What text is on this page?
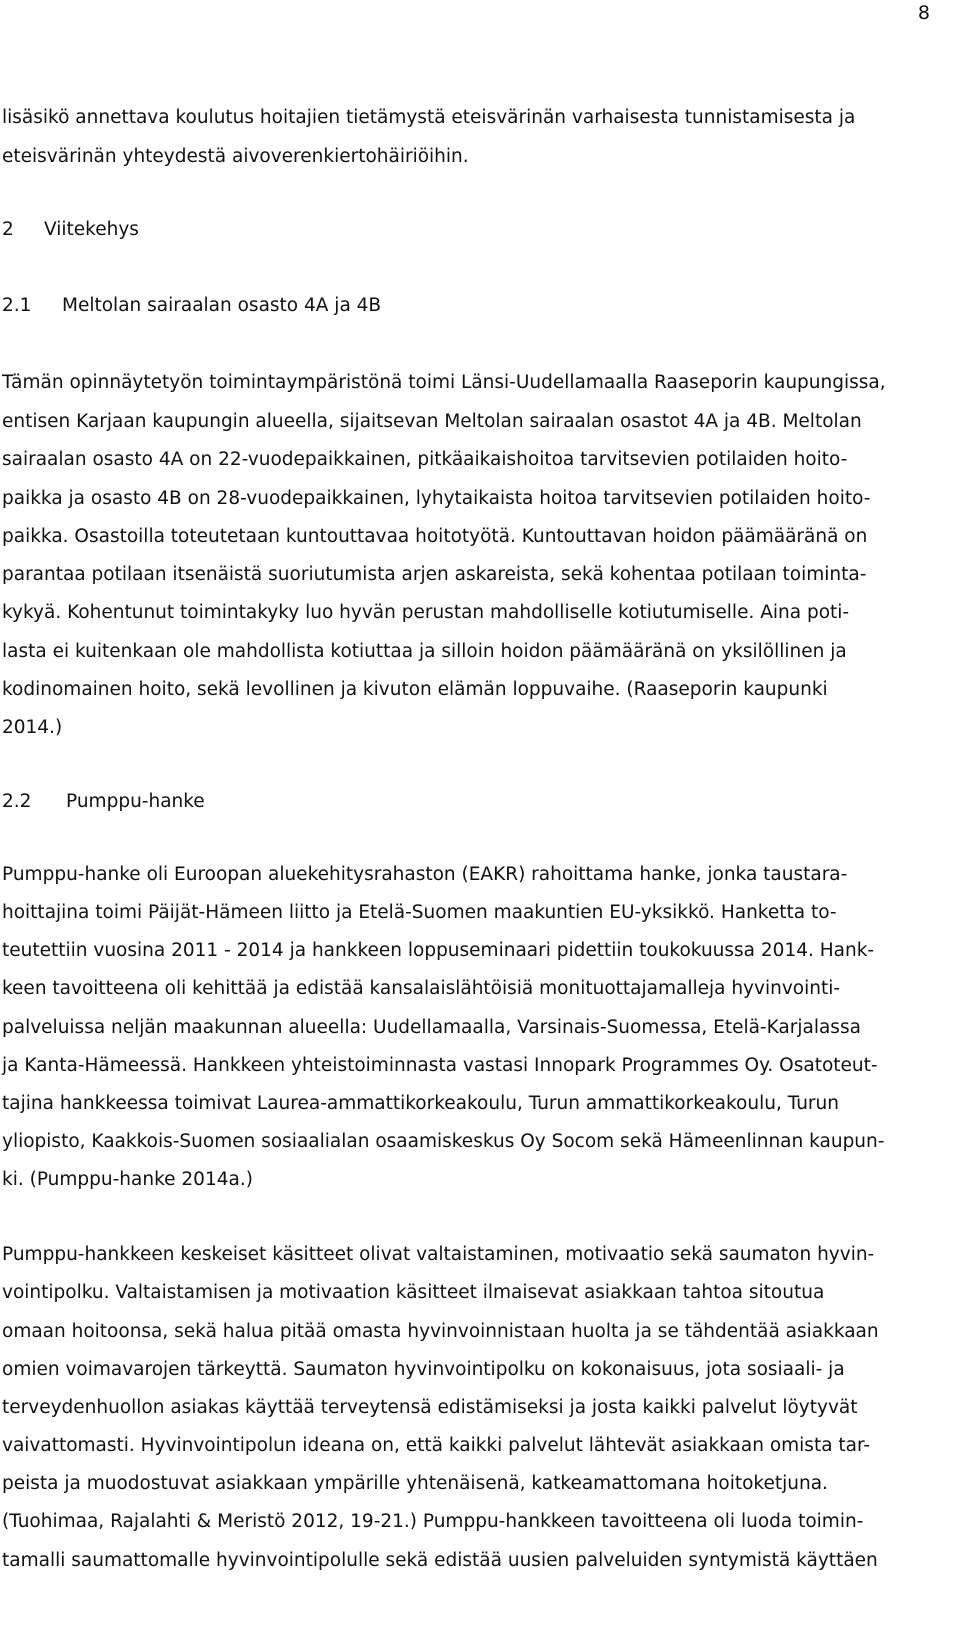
8
lisäsikö annettava koulutus hoitajien tietämystä eteisvärinän varhaisesta tunnistamisesta ja
eteisvärinän yhteydestä aivoverenkiertohäiriöihin.
2 Viitekehys
2.1 Meltolan sairaalan osasto 4A ja 4B
Tämän opinnäytetyön toimintaympäristönä toimi Länsi-Uudellamaalla Raaseporin kaupungissa,
entisen Karjaan kaupungin alueella, sijaitsevan Meltolan sairaalan osastot 4A ja 4B. Meltolan
sairaalan osasto 4A on 22-vuodepaikkainen, pitkäaikaishoitoa tarvitsevien potilaiden hoito-
paikka ja osasto 4B on 28-vuodepaikkainen, lyhytaikaista hoitoa tarvitsevien potilaiden hoito-
paikka. Osastoilla toteutetaan kuntouttavaa hoitotyötä. Kuntouttavan hoidon päämääränä on
parantaa potilaan itsenäistä suoriutumista arjen askareista, sekä kohentaa potilaan toiminta-
kykyä. Kohentunut toimintakyky luo hyvän perustan mahdolliselle kotiutumiselle. Aina poti-
lasta ei kuitenkaan ole mahdollista kotiuttaa ja silloin hoidon päämääränä on yksilöllinen ja
kodinomainen hoito, sekä levollinen ja kivuton elämän loppuvaihe. (Raaseporin kaupunki
2014.)
2.2 Pumppu-hanke
Pumppu-hanke oli Euroopan aluekehitysrahaston (EAKR) rahoittama hanke, jonka taustara-
hoittajina toimi Päijät-Hämeen liitto ja Etelä-Suomen maakuntien EU-yksikkö. Hanketta to-
teutettiin vuosina 2011 - 2014 ja hankkeen loppuseminaari pidettiin toukokuussa 2014. Hank-
keen tavoitteena oli kehittää ja edistää kansalaislähtöisiä monituottajamalleja hyvinvointi-
palveluissa neljän maakunnan alueella: Uudellamaalla, Varsinais-Suomessa, Etelä-Karjalassa
ja Kanta-Hämeessä. Hankkeen yhteistoiminnasta vastasi Innopark Programmes Oy. Osatoteut-
tajina hankkeessa toimivat Laurea-ammattikorkeakoulu, Turun ammattikorkeakoulu, Turun
yliopisto, Kaakkois-Suomen sosiaalialan osaamiskeskus Oy Socom sekä Hämeenlinnan kaupun-
ki. (Pumppu-hanke 2014a.)
Pumppu-hankkeen keskeiset käsitteet olivat valtaistaminen, motivaatio sekä saumaton hyvin-
vointipolku. Valtaistamisen ja motivaation käsitteet ilmaisevat asiakkaan tahtoa sitoutua
omaan hoitoonsa, sekä halua pitää omasta hyvinvoinnistaan huolta ja se tähdentää asiakkaan
omien voimavarojen tärkeyttä. Saumaton hyvinvointipolku on kokonaisuus, jota sosiaali- ja
terveydenhuollon asiakas käyttää terveytensä edistämiseksi ja josta kaikki palvelut löytyvät
vaivattomasti. Hyvinvointipolun ideana on, että kaikki palvelut lähtevät asiakkaan omista tar-
peista ja muodostuvat asiakkaan ympärille yhtenäisenä, katkeamattomana hoitoketjuna.
(Tuohimaa, Rajalahti & Meristö 2012, 19-21.) Pumppu-hankkeen tavoitteena oli luoda toimin-
tamalli saumattomalle hyvinvointipolulle sekä edistää uusien palveluiden syntymistä käyttäen
